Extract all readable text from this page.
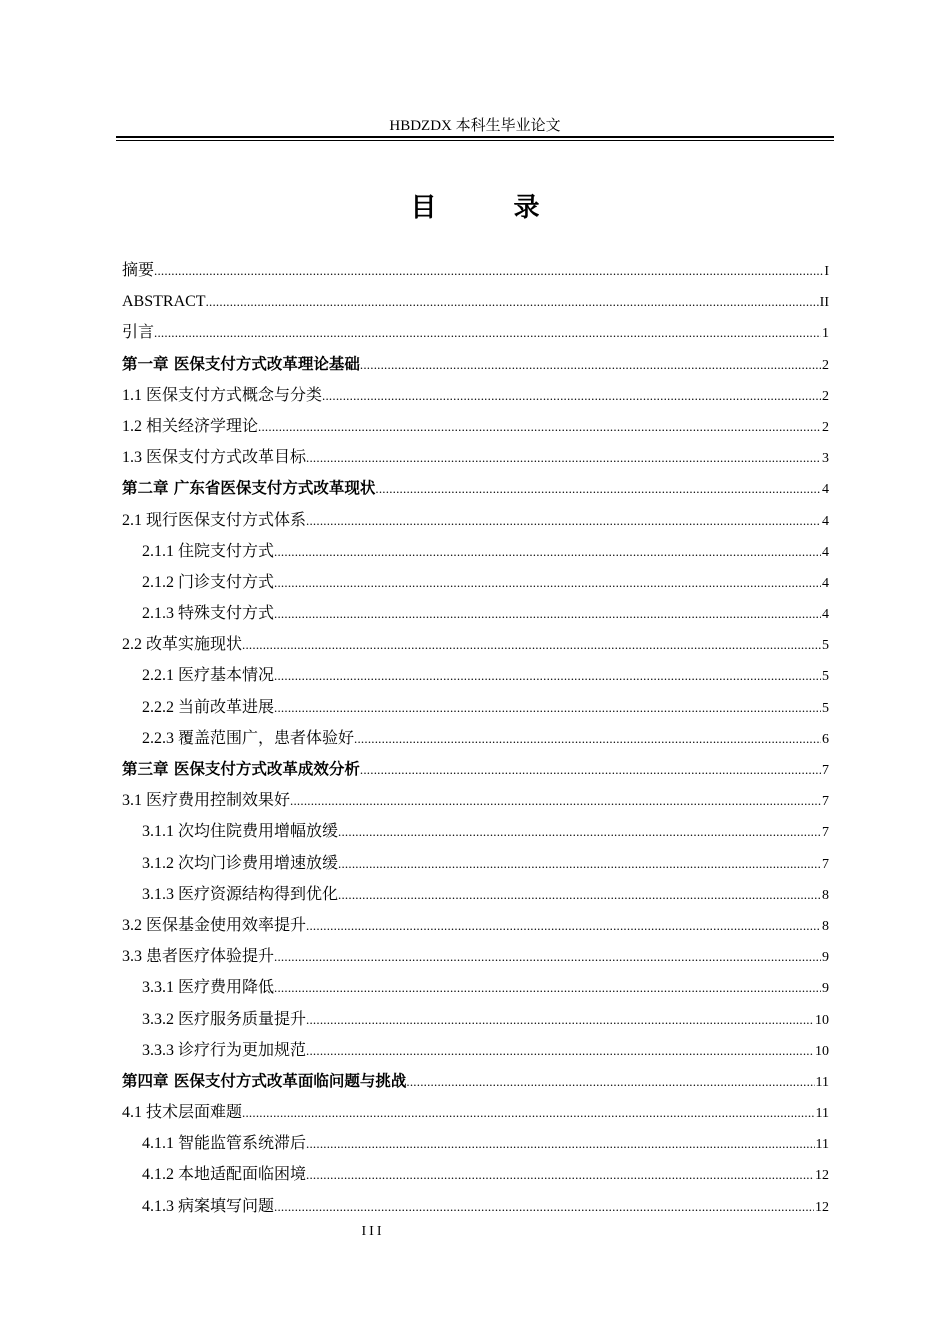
HBDZDX 本科生毕业论文
目 录
摘要 .....	I
ABSTRACT .....	II
引言 .....	1
第一章 医保支付方式改革理论基础 .....	2
1.1 医保支付方式概念与分类 .....	2
1.2 相关经济学理论 .....	2
1.3 医保支付方式改革目标 .....	3
第二章 广东省医保支付方式改革现状 .....	4
2.1 现行医保支付方式体系 .....	4
2.1.1 住院支付方式 .....	4
2.1.2 门诊支付方式 .....	4
2.1.3 特殊支付方式 .....	4
2.2 改革实施现状 .....	5
2.2.1 医疗基本情况 .....	5
2.2.2 当前改革进展 .....	5
2.2.3 覆盖范围广，患者体验好 .....	6
第三章 医保支付方式改革成效分析 .....	7
3.1 医疗费用控制效果好 .....	7
3.1.1 次均住院费用增幅放缓 .....	7
3.1.2 次均门诊费用增速放缓 .....	7
3.1.3 医疗资源结构得到优化 .....	8
3.2 医保基金使用效率提升 .....	8
3.3 患者医疗体验提升 .....	9
3.3.1 医疗费用降低 .....	9
3.3.2 医疗服务质量提升 .....	10
3.3.3 诊疗行为更加规范 .....	10
第四章 医保支付方式改革面临问题与挑战 .....	11
4.1 技术层面难题 .....	11
4.1.1 智能监管系统滞后 .....	11
4.1.2 本地适配面临困境 .....	12
4.1.3 病案填写问题 .....	12
III
